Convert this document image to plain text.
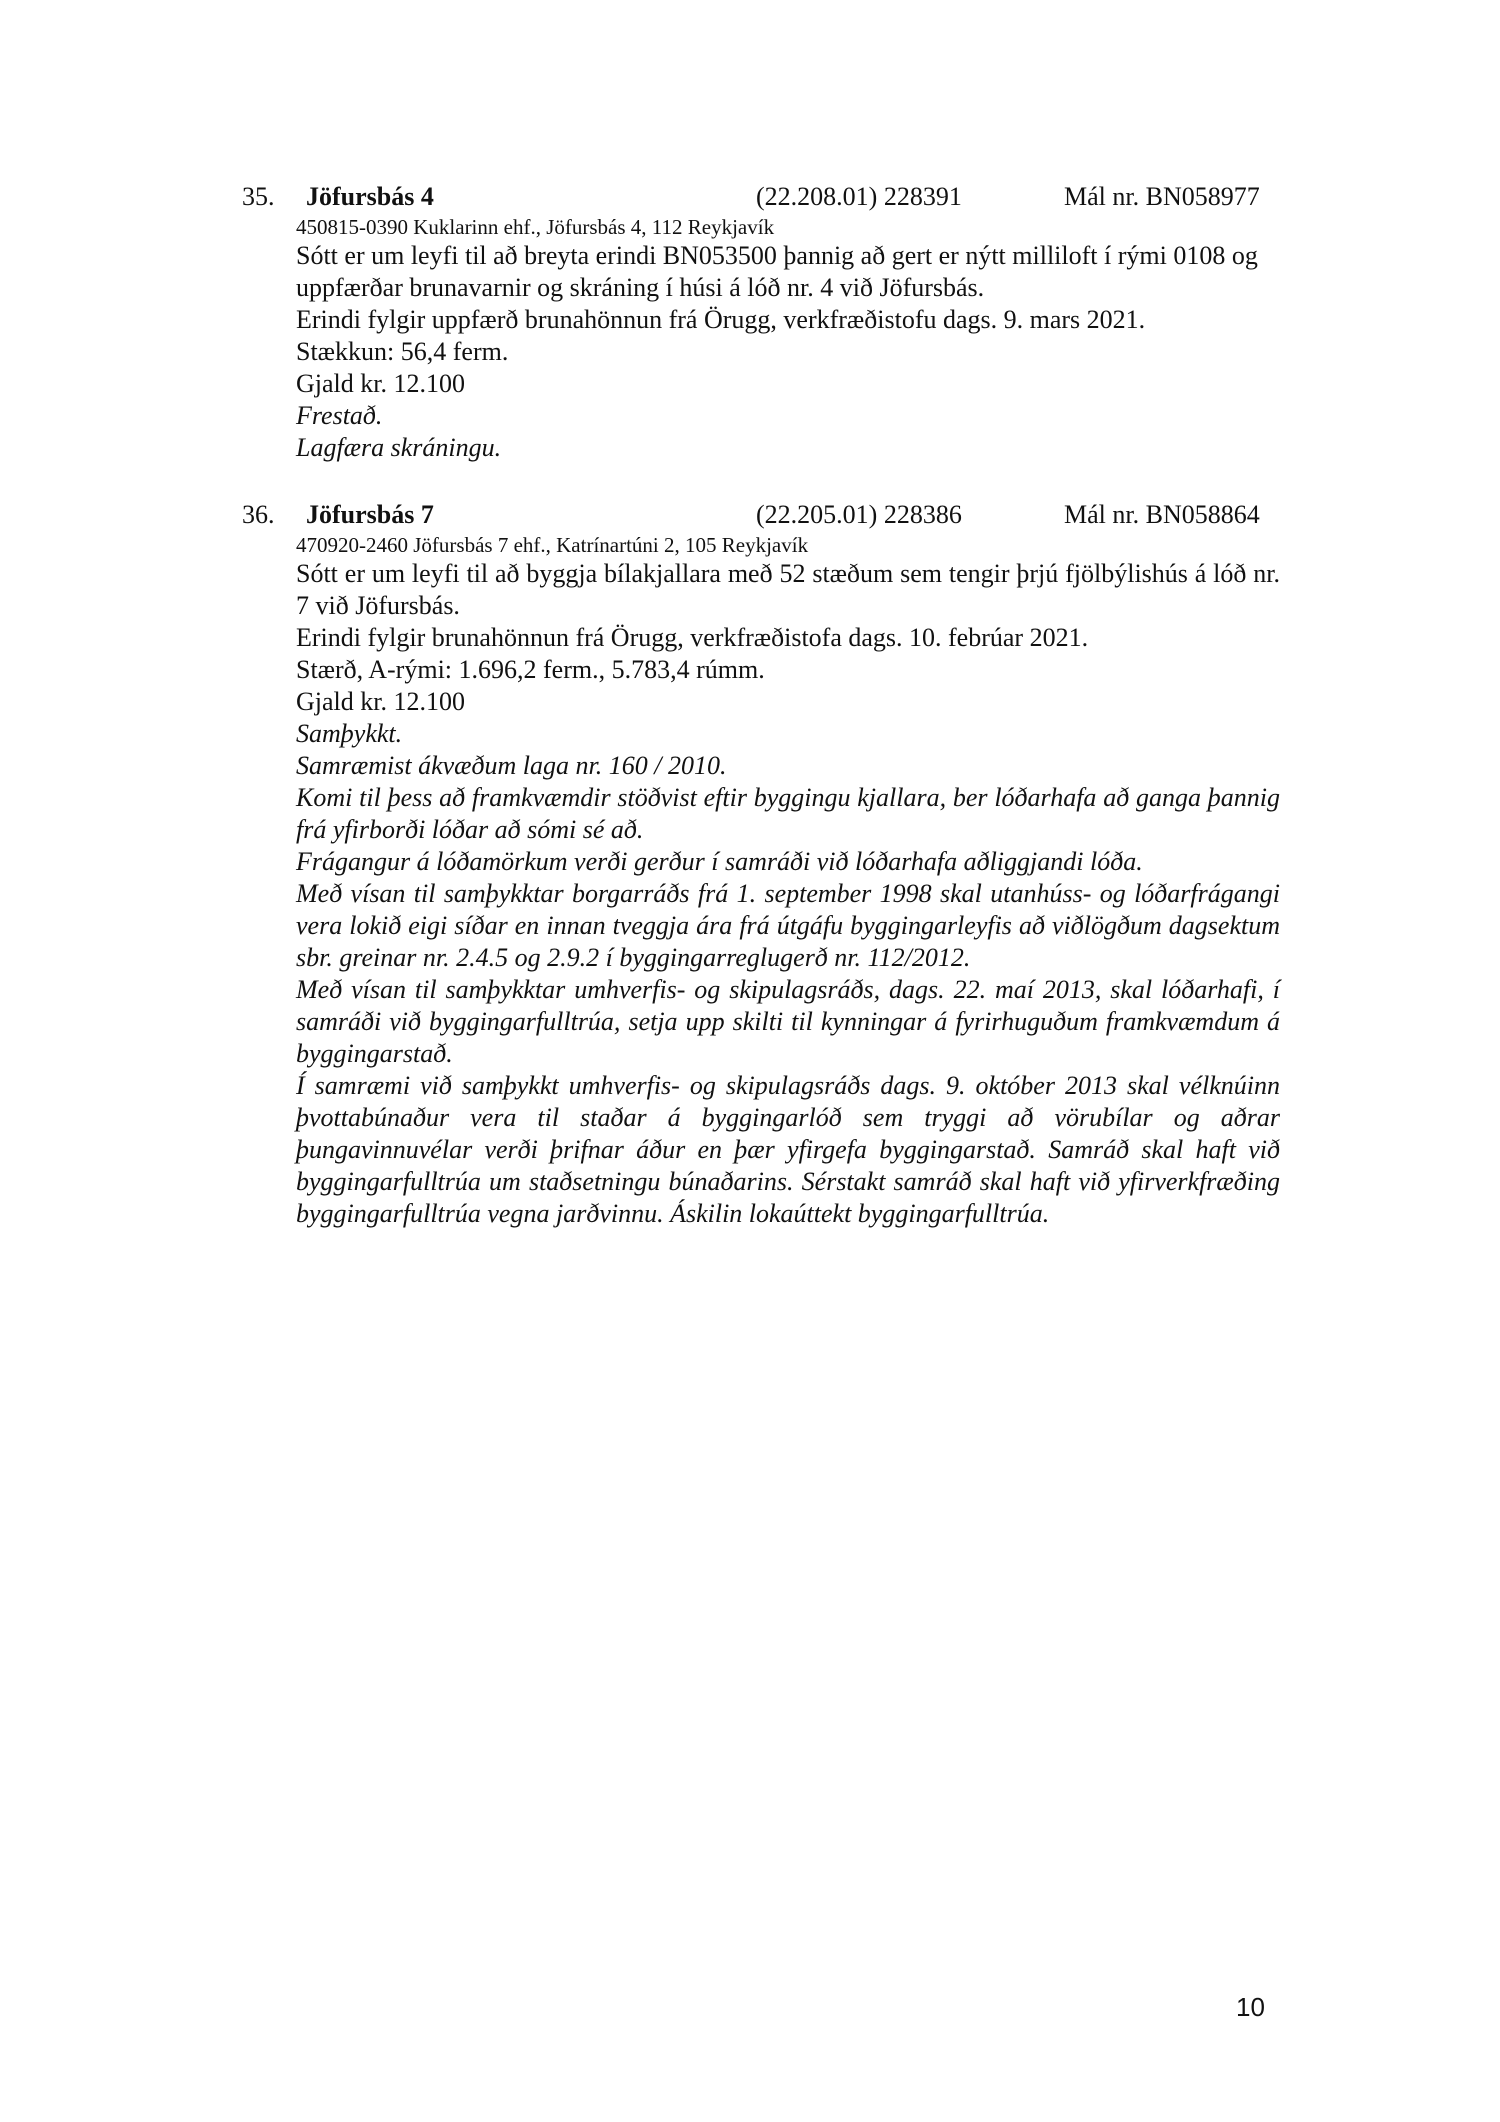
35. Jöfursbás 4	(22.208.01) 228391	Mál nr. BN058977
450815-0390 Kuklarinn ehf., Jöfursbás 4, 112 Reykjavík

Sótt er um leyfi til að breyta erindi BN053500 þannig að gert er nýtt milliloft í rými 0108 og uppfærðar brunavarnir og skráning í húsi á lóð nr. 4 við Jöfursbás.

Erindi fylgir uppfærð brunahönnun frá Örugg, verkfræðistofu dags. 9. mars 2021.

Stækkun: 56,4 ferm.

Gjald kr. 12.100

Frestað.

Lagfæra skráningu.

36. Jöfursbás 7	(22.205.01) 228386	Mál nr. BN058864
470920-2460 Jöfursbás 7 ehf., Katrínartúni 2, 105 Reykjavík

Sótt er um leyfi til að byggja bílakjallara með 52 stæðum sem tengir þrjú fjölbýlishús á lóð nr. 7 við Jöfursbás.

Erindi fylgir brunahönnun frá Örugg, verkfræðistofa dags. 10. febrúar 2021.

Stærð, A-rými: 1.696,2 ferm., 5.783,4 rúmm.

Gjald kr. 12.100

Samþykkt.

Samræmist ákvæðum laga nr. 160 / 2010.

Komi til þess að framkvæmdir stöðvist eftir byggingu kjallara, ber lóðarhafa að ganga þannig frá yfirborði lóðar að sómi sé að.

Frágangur á lóðamörkum verði gerður í samráði við lóðarhafa aðliggjandi lóða.

Með vísan til samþykktar borgarráðs frá 1. september 1998 skal utanhúss- og lóðarfrágangi vera lokið eigi síðar en innan tveggja ára frá útgáfu byggingarleyfis að viðlögðum dagsektum sbr. greinar nr. 2.4.5 og 2.9.2 í byggingarreglugerð nr. 112/2012.

Með vísan til samþykktar umhverfis- og skipulagsráðs, dags. 22. maí 2013, skal lóðarhafi, í samráði við byggingarfulltrúa, setja upp skilti til kynningar á fyrirhuguðum framkvæmdum á byggingarstað.

Í samræmi við samþykkt umhverfis- og skipulagsráðs dags. 9. október 2013 skal vélknúinn þvottabúnaður vera til staðar á byggingarlóð sem tryggi að vörubílar og aðrar þungavinnuvélar verði þrifnar áður en þær yfirgefa byggingarstað. Samráð skal haft við byggingarfulltrúa um staðsetningu búnaðarins. Sérstakt samráð skal haft við yfirverkfræðing byggingarfulltrúa vegna jarðvinnu. Áskilin lokaúttekt byggingarfulltrúa.

10
